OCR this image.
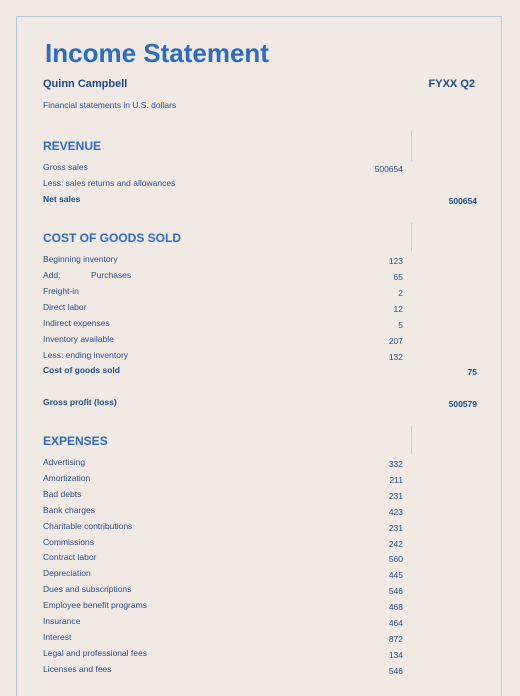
Income Statement
Quinn Campbell	FYXX Q2
Financial statements in U.S. dollars
REVENUE
Gross sales	500654
Less: sales returns and allowances
Net sales	500654
COST OF GOODS SOLD
Beginning inventory	123
Add:	Purchases	65
Freight-in	2
Direct labor	12
Indirect expenses	5
Inventory available	207
Less: ending inventory	132
Cost of goods sold	75
Gross profit (loss)	500579
EXPENSES
Advertising	332
Amortization	211
Bad debts	231
Bank charges	423
Charitable contributions	231
Commissions	242
Contract labor	560
Depreciation	445
Dues and subscriptions	546
Employee benefit programs	468
Insurance	464
Interest	872
Legal and professional fees	134
Licenses and fees	546
